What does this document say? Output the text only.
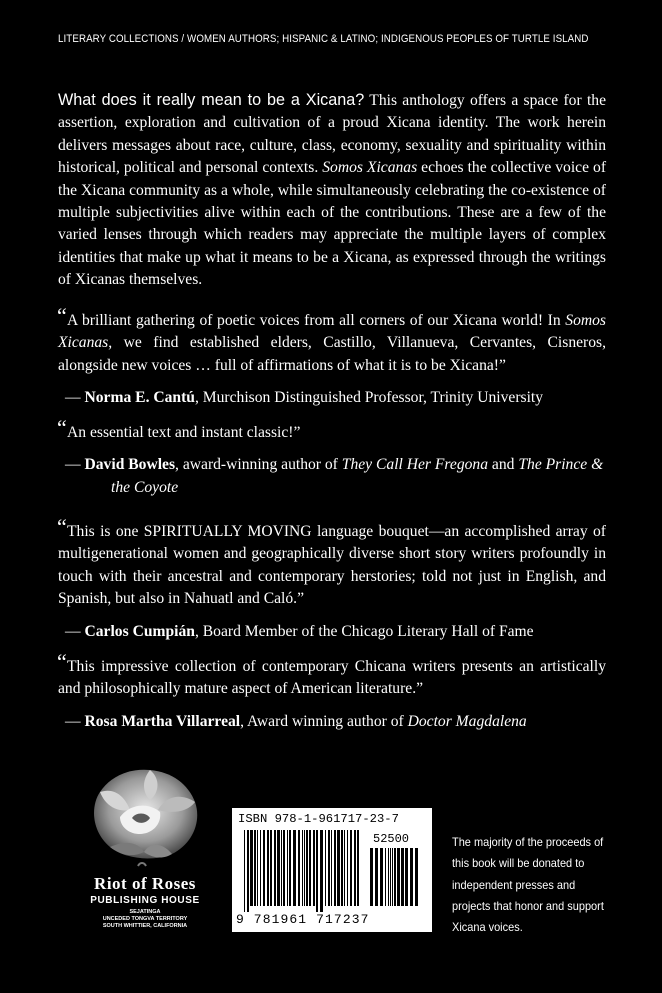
LITERARY COLLECTIONS / WOMEN AUTHORS; HISPANIC & LATINO; INDIGENOUS PEOPLES OF TURTLE ISLAND
What does it really mean to be a Xicana? This anthology offers a space for the assertion, exploration and cultivation of a proud Xicana identity. The work herein delivers messages about race, culture, class, economy, sexuality and spirituality within historical, political and personal contexts. Somos Xicanas echoes the collective voice of the Xicana community as a whole, while simultaneously celebrating the co-existence of multiple subjectivities alive within each of the contributions. These are a few of the varied lenses through which readers may appreciate the multiple layers of complex identities that make up what it means to be a Xicana, as expressed through the writings of Xicanas themselves.
“ A brilliant gathering of poetic voices from all corners of our Xicana world! In Somos Xicanas, we find established elders, Castillo, Villanueva, Cervantes, Cisneros, alongside new voices … full of affirmations of what it is to be Xicana!”
— Norma E. Cantú, Murchison Distinguished Professor, Trinity University
“ An essential text and instant classic!”
— David Bowles, award-winning author of They Call Her Fregona and The Prince & the Coyote
“ This is one SPIRITUALLY MOVING language bouquet—an accomplished array of multigenerational women and geographically diverse short story writers profoundly in touch with their ancestral and contemporary herstories; told not just in English, and Spanish, but also in Nahuatl and Caló.”
— Carlos Cumpián, Board Member of the Chicago Literary Hall of Fame
“ This impressive collection of contemporary Chicana writers presents an artistically and philosophically mature aspect of American literature.”
— Rosa Martha Villarreal, Award winning author of Doctor Magdalena
Riot of Roses
PUBLISHING HOUSE
SEJATINGA
UNCEDED TONGVA TERRITORY
SOUTH WHITTIER, CALIFORNIA
ISBN 978-1-961717-23-7
52500
9 781961 717237
The majority of the proceeds of this book will be donated to independent presses and projects that honor and support Xicana voices.
